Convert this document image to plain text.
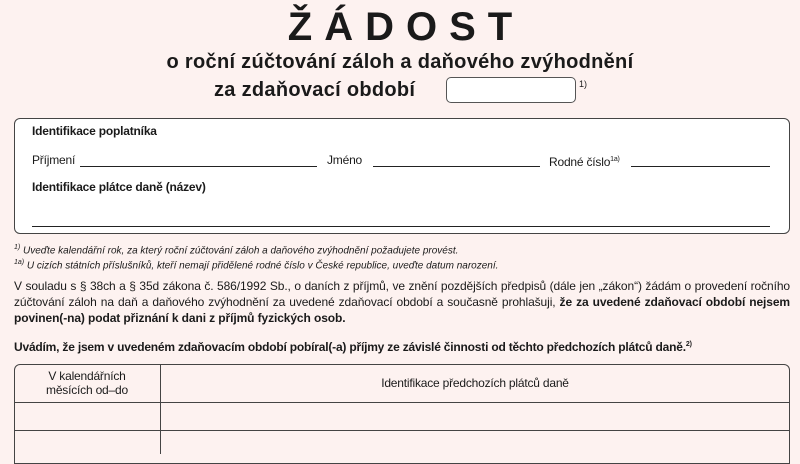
ŽÁDOST
o roční zúčtování záloh a daňového zvýhodnění
za zdaňovací období	1)
Identifikace poplatníka
Příjmení	Jméno	Rodné číslo$^{1a)}$
Identifikace plátce daně (název)
$^{1)}$ Uveďte kalendářní rok, za který roční zúčtování záloh a daňového zvýhodnění požadujete provést.
$^{1a)}$ U cizích státních příslušníků, kteří nemají přidělené rodné číslo v České republice, uveďte datum narození.
V souladu s § 38ch a § 35d zákona č. 586/1992 Sb., o daních z příjmů, ve znění pozdějších předpisů (dále jen „zákon“) žádám o provedení ročního zúčtování záloh na daň a daňového zvýhodnění za uvedené zdaňovací období a současně prohlašuji, že za uvedené zdaňovací období nejsem povinen(-na) podat přiznání k dani z příjmů fyzických osob.
Uvádím, že jsem v uvedeném zdaňovacím období pobíral(-a) příjmy ze závislé činnosti od těchto předchozích plátců daně.$^{2)}$
V kalendářních
měsících od–do	Identifikace předchozích plátců daně
